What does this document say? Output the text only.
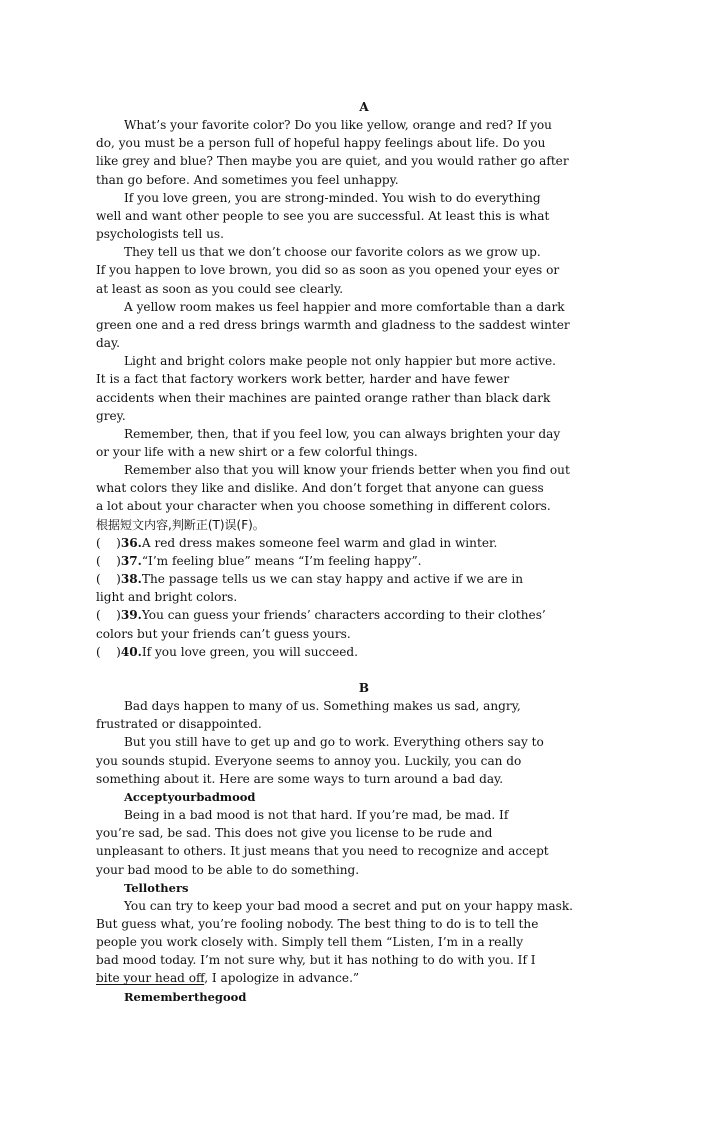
A
What’s your favorite color? Do you like yellow, orange and red? If you
do, you must be a person full of hopeful happy feelings about life. Do you
like grey and blue? Then maybe you are quiet, and you would rather go after
than go before. And sometimes you feel unhappy.
If you love green, you are strong-minded. You wish to do everything
well and want other people to see you are successful. At least this is what
psychologists tell us.
They tell us that we don’t choose our favorite colors as we grow up.
If you happen to love brown, you did so as soon as you opened your eyes or
at least as soon as you could see clearly.
A yellow room makes us feel happier and more comfortable than a dark
green one and a red dress brings warmth and gladness to the saddest winter
day.
Light and bright colors make people not only happier but more active.
It is a fact that factory workers work better, harder and have fewer
accidents when their machines are painted orange rather than black dark
grey.
Remember, then, that if you feel low, you can always brighten your day
or your life with a new shirt or a few colorful things.
Remember also that you will know your friends better when you find out
what colors they like and dislike. And don’t forget that anyone can guess
a lot about your character when you choose something in different colors.
根据短文内容,判断正(T)误(F)。
(    )36.A red dress makes someone feel warm and glad in winter.
(    )37.“I’m feeling blue” means “I’m feeling happy”.
(    )38.The passage tells us we can stay happy and active if we are in
light and bright colors.
(    )39.You can guess your friends’ characters according to their clothes’
colors but your friends can’t guess yours.
(    )40.If you love green, you will succeed.
B
Bad days happen to many of us. Something makes us sad, angry,
frustrated or disappointed.
But you still have to get up and go to work. Everything others say to
you sounds stupid. Everyone seems to annoy you. Luckily, you can do
something about it. Here are some ways to turn around a bad day.
Acceptyourbadmood
Being in a bad mood is not that hard. If you’re mad, be mad. If
you’re sad, be sad. This does not give you license to be rude and
unpleasant to others. It just means that you need to recognize and accept
your bad mood to be able to do something.
Tellothers
You can try to keep your bad mood a secret and put on your happy mask.
But guess what, you’re fooling nobody. The best thing to do is to tell the
people you work closely with. Simply tell them “Listen, I’m in a really
bad mood today. I’m not sure why, but it has nothing to do with you. If I
bite your head off, I apologize in advance.”
Rememberthegood
